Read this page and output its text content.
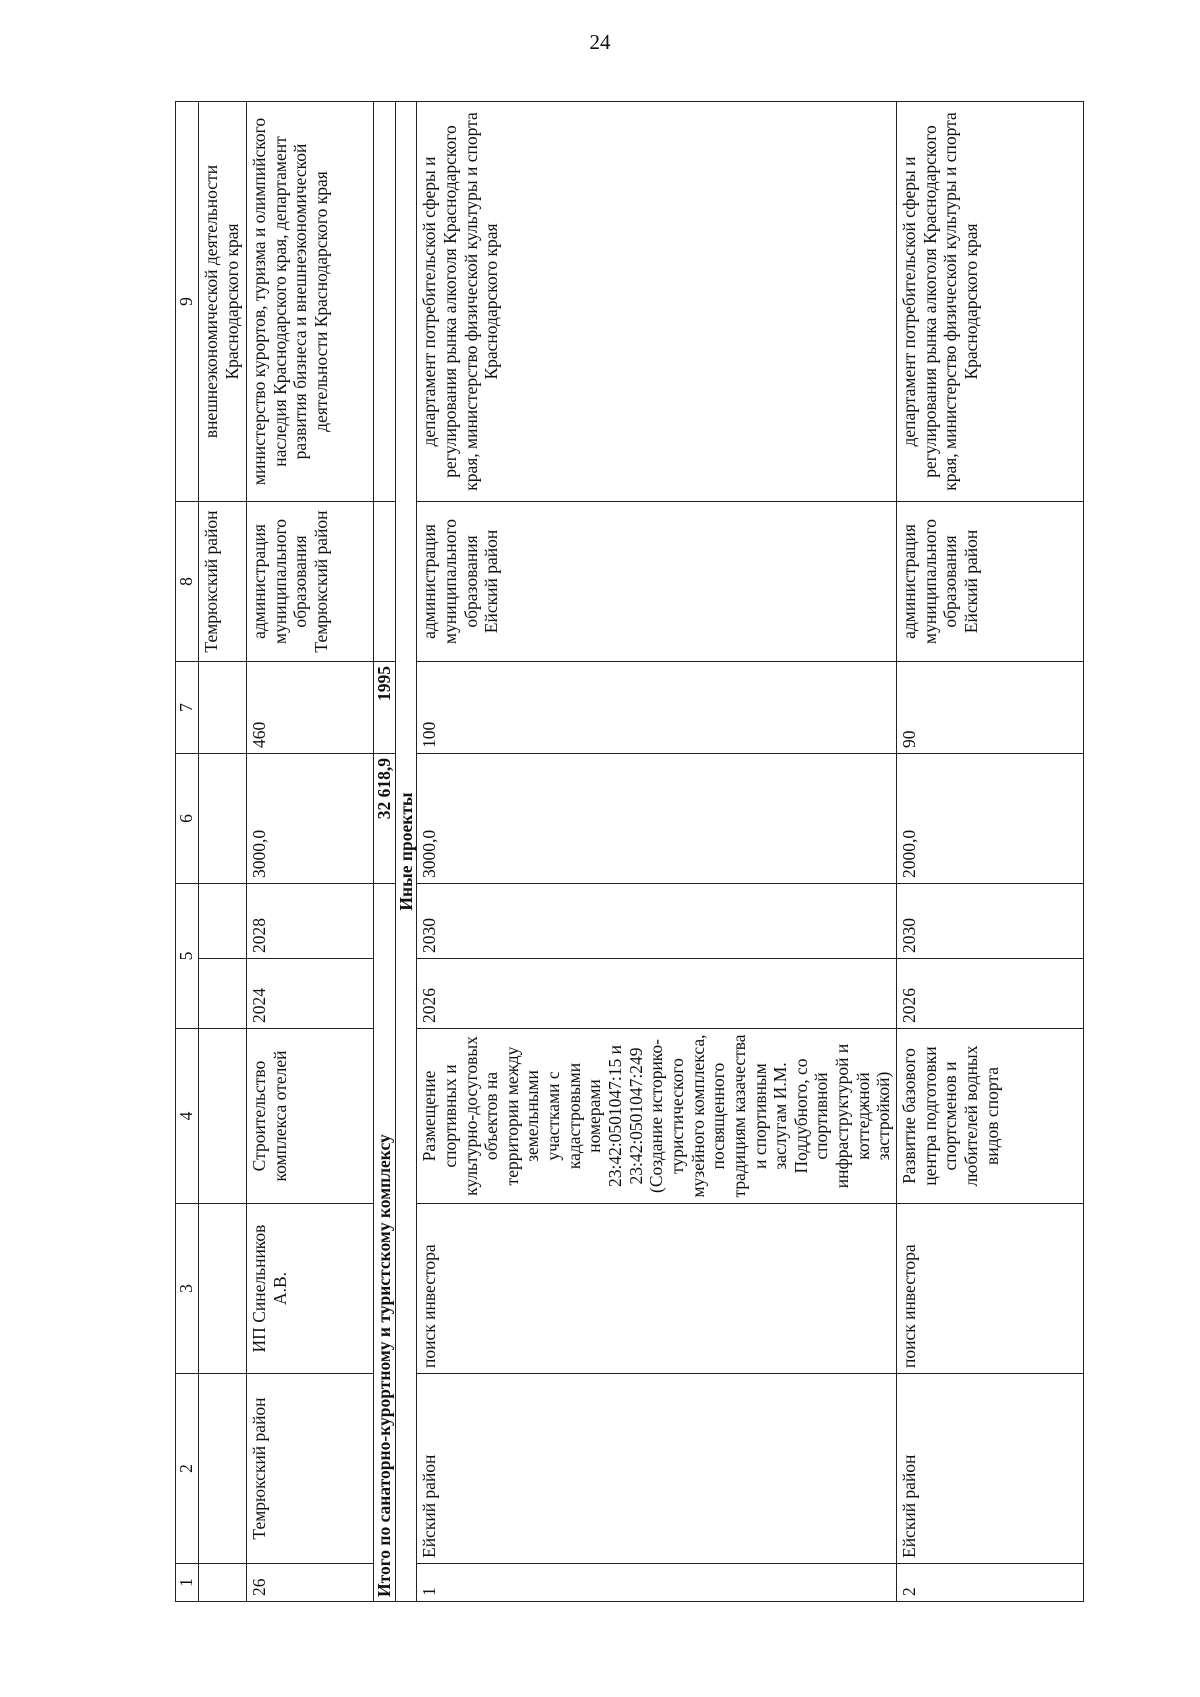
24
1	2	3	4	5		6	7	8	9
								Темрюкский район	внешнеэкономической деятельности Краснодарского края
26	Темрюкский район	ИП Синельников А.В.	Строительство комплекса отелей	2024	2028	3000,0	460	администрация муниципального образования Темрюкский район	министерство курортов, туризма и олимпийского наследия Краснодарского края, департамент развития бизнеса и внешнеэкономической деятельности Краснодарского края
Итого по санаторно-курортному и туристскому комплексу						32 618,9	1995		
Иные проекты									
1	Ейский район	поиск инвестора	Размещение спортивных и культурно-досуговых объектов на территории между земельными участками с кадастровыми номерами 23:42:0501047:15 и 23:42:0501047:249 (Создание историко-туристического музейного комплекса, посвященного традициям казачества и спортивным заслугам И.М. Поддубного, со спортивной инфраструктурой и коттеджной застройкой)	2026	2030	3000,0	100	администрация муниципального образования Ейский район	департамент потребительской сферы и регулирования рынка алкоголя Краснодарского края, министерство физической культуры и спорта Краснодарского края
2	Ейский район	поиск инвестора	Развитие базового центра подготовки спортсменов и любителей водных видов спорта	2026	2030	2000,0	90	администрация муниципального образования Ейский район	департамент потребительской сферы и регулирования рынка алкоголя Краснодарского края, министерство физической культуры и спорта Краснодарского края
